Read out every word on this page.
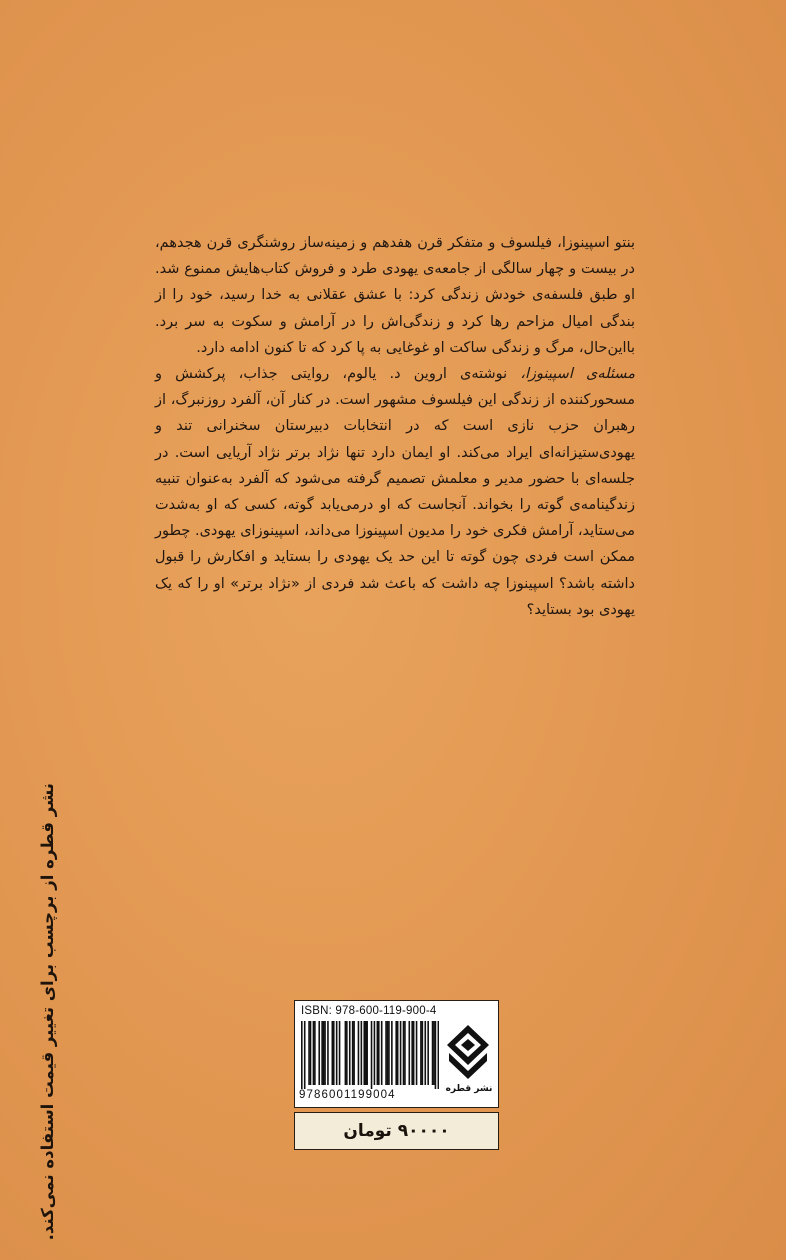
بنتو اسپینوزا، فیلسوف و متفکر قرن هفدهم و زمینه‌ساز روشنگری قرن هجدهم، در بیست و چهار سالگی از جامعه‌ی یهودی طرد و فروش کتاب‌هایش ممنوع شد. او طبق فلسفه‌ی خودش زندگی کرد: با عشق عقلانی به خدا رسید، خود را از بندگی امیال مزاحم رها کرد و زندگی‌اش را در آرامش و سکوت به سر برد. بااین‌حال، مرگ و زندگی ساکت او غوغایی به پا کرد که تا کنون ادامه دارد.

مسئله‌ی اسپینوزا، نوشته‌ی اروین د. یالوم، روایتی جذاب، پرکشش و مسحورکننده از زندگی این فیلسوف مشهور است. در کنار آن، آلفرد روزنبرگ، از رهبران حزب نازی است که در انتخابات دبیرستان سخنرانی تند و یهودی‌ستیزانه‌ای ایراد می‌کند. او ایمان دارد تنها نژاد برتر نژاد آریایی است. در جلسه‌ای با حضور مدیر و معلمش تصمیم گرفته می‌شود که آلفرد به‌عنوان تنبیه زندگینامه‌ی گوته را بخواند. آنجاست که او درمی‌یابد گوته، کسی که او به‌شدت می‌ستاید، آرامش فکری خود را مدیون اسپینوزا می‌داند، اسپینوزای یهودی. چطور ممکن است فردی چون گوته تا این حد یک یهودی را بستاید و افکارش را قبول داشته باشد؟ اسپینوزا چه داشت که باعث شد فردی از «نژاد برتر» او را که یک یهودی بود بستاید؟

نشر قطره از برچسب برای تغییر قیمت استفاده نمی‌کند.	ISBN: 978-600-119-900-4
9786001199004	نشر قطره
۹۰۰۰۰ تومان
